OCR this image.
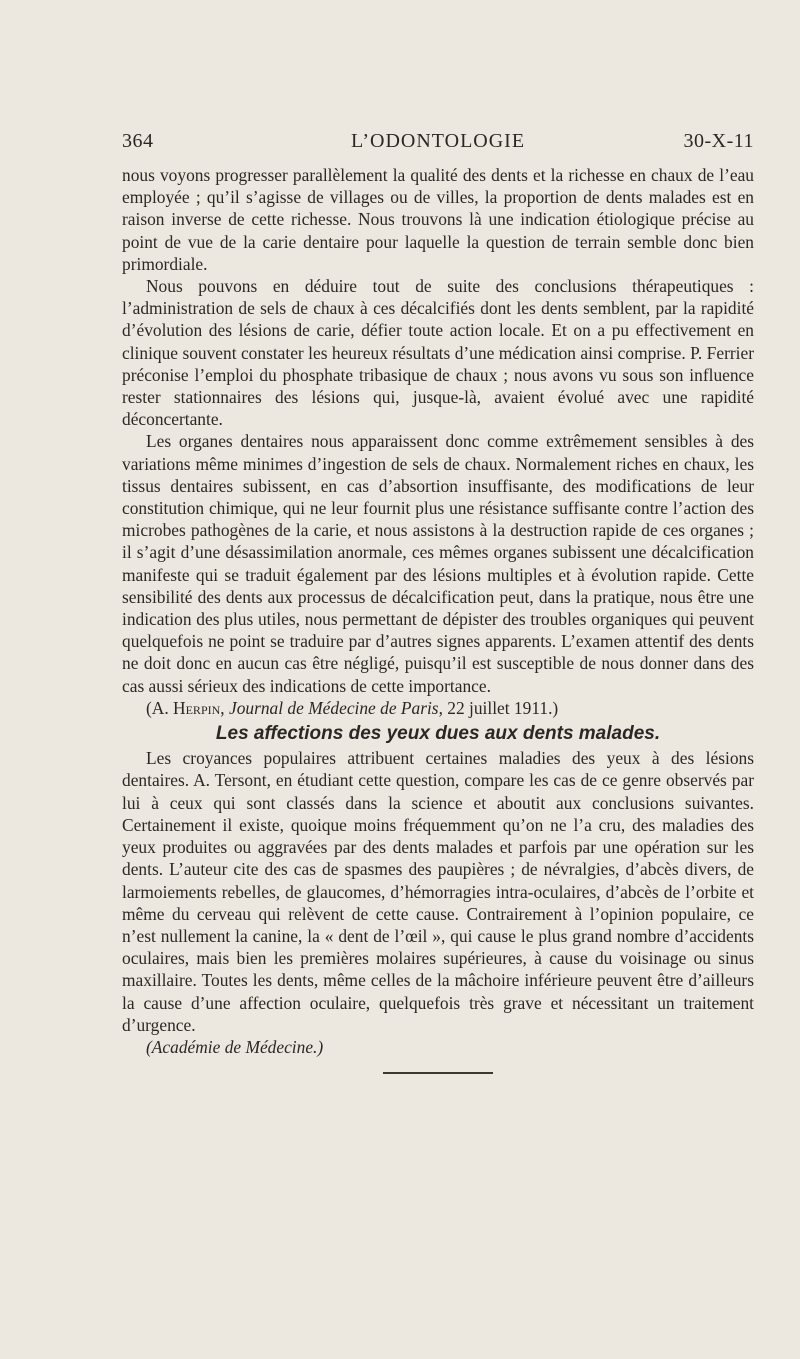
364	L’ODONTOLOGIE	30-X-11

nous voyons progresser parallèlement la qualité des dents et la richesse en chaux de l’eau employée ; qu’il s’agisse de villages ou de villes, la proportion de dents malades est en raison inverse de cette richesse. Nous trouvons là une indication étiologique précise au point de vue de la carie dentaire pour laquelle la question de terrain semble donc bien primordiale.

Nous pouvons en déduire tout de suite des conclusions thérapeutiques : l’administration de sels de chaux à ces décalcifiés dont les dents semblent, par la rapidité d’évolution des lésions de carie, défier toute action locale. Et on a pu effectivement en clinique souvent constater les heureux résultats d’une médication ainsi comprise. P. Ferrier préconise l’emploi du phosphate tribasique de chaux ; nous avons vu sous son influence rester stationnaires des lésions qui, jusque-là, avaient évolué avec une rapidité déconcertante.

Les organes dentaires nous apparaissent donc comme extrêmement sensibles à des variations même minimes d’ingestion de sels de chaux. Normalement riches en chaux, les tissus dentaires subissent, en cas d’absortion insuffisante, des modifications de leur constitution chimique, qui ne leur fournit plus une résistance suffisante contre l’action des microbes pathogènes de la carie, et nous assistons à la destruction rapide de ces organes ; il s’agit d’une désassimilation anormale, ces mêmes organes subissent une décalcification manifeste qui se traduit également par des lésions multiples et à évolution rapide. Cette sensibilité des dents aux processus de décalcification peut, dans la pratique, nous être une indication des plus utiles, nous permettant de dépister des troubles organiques qui peuvent quelquefois ne point se traduire par d’autres signes apparents. L’examen attentif des dents ne doit donc en aucun cas être négligé, puisqu’il est susceptible de nous donner dans des cas aussi sérieux des indications de cette importance.

(A. Herpin, Journal de Médecine de Paris, 22 juillet 1911.)

Les affections des yeux dues aux dents malades.

Les croyances populaires attribuent certaines maladies des yeux à des lésions dentaires. A. Tersont, en étudiant cette question, compare les cas de ce genre observés par lui à ceux qui sont classés dans la science et aboutit aux conclusions suivantes. Certainement il existe, quoique moins fréquemment qu’on ne l’a cru, des maladies des yeux produites ou aggravées par des dents malades et parfois par une opération sur les dents. L’auteur cite des cas de spasmes des paupières ; de névralgies, d’abcès divers, de larmoiements rebelles, de glaucomes, d’hémorragies intra-oculaires, d’abcès de l’orbite et même du cerveau qui relèvent de cette cause. Contrairement à l’opinion populaire, ce n’est nullement la canine, la « dent de l’œil », qui cause le plus grand nombre d’accidents oculaires, mais bien les premières molaires supérieures, à cause du voisinage ou sinus maxillaire. Toutes les dents, même celles de la mâchoire inférieure peuvent être d’ailleurs la cause d’une affection oculaire, quelquefois très grave et nécessitant un traitement d’urgence.

(Académie de Médecine.)
